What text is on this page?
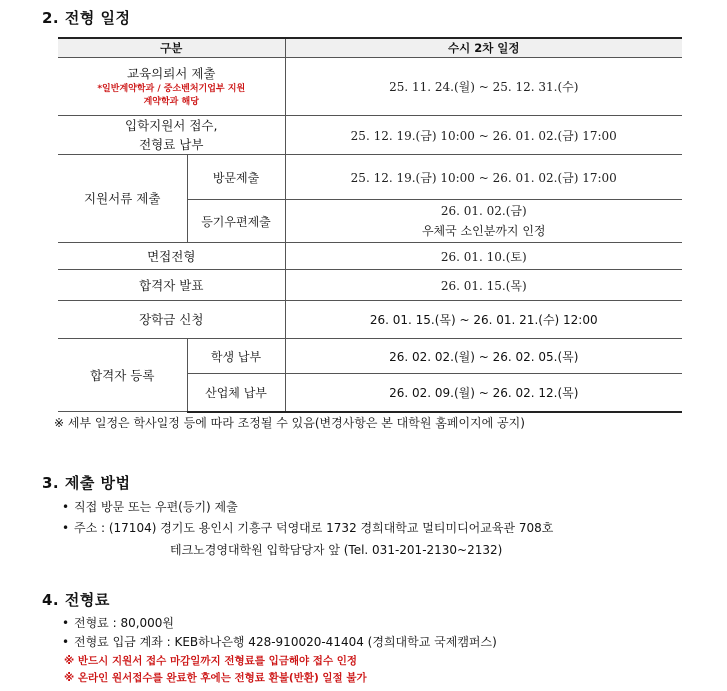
2. 전형 일정
구분		수시 2차 일정

교육의뢰서 제출
*일반계약학과 / 중소벤처기업부 지원
계약학과 해당		25. 11. 24.(월) ~ 25. 12. 31.(수)

입학지원서 접수,
전형료 납부		25. 12. 19.(금) 10:00 ~ 26. 01. 02.(금) 17:00
지원서류 제출	방문제출	25. 12. 19.(금) 10:00 ~ 26. 01. 02.(금) 17:00
	등기우편제출	26. 01. 02.(금)
우체국 소인분까지 인정

면접전형		26. 01. 10.(토)
합격자 발표		26. 01. 15.(목)
장학금 신청		26. 01. 15.(목) ~ 26. 01. 21.(수) 12:00
합격자 등록	학생 납부	26. 02. 02.(월) ~ 26. 02. 05.(목)
	산업체 납부	26. 02. 09.(월) ~ 26. 02. 12.(목)
※ 세부 일정은 학사일정 등에 따라 조정될 수 있음(변경사항은 본 대학원 홈페이지에 공지)
3. 제출 방법
• 직접 방문 또는 우편(등기) 제출
• 주소 : (17104) 경기도 용인시 기흥구 덕영대로 1732 경희대학교 멀티미디어교육관 708호
테크노경영대학원 입학담당자 앞 (Tel. 031-201-2130~2132)
4. 전형료
• 전형료 : 80,000원
• 전형료 입금 계좌 : KEB하나은행 428-910020-41404 (경희대학교 국제캠퍼스)
※ 반드시 지원서 접수 마감일까지 전형료를 입금해야 접수 인정
※ 온라인 원서접수를 완료한 후에는 전형료 환불(반환) 일절 불가
